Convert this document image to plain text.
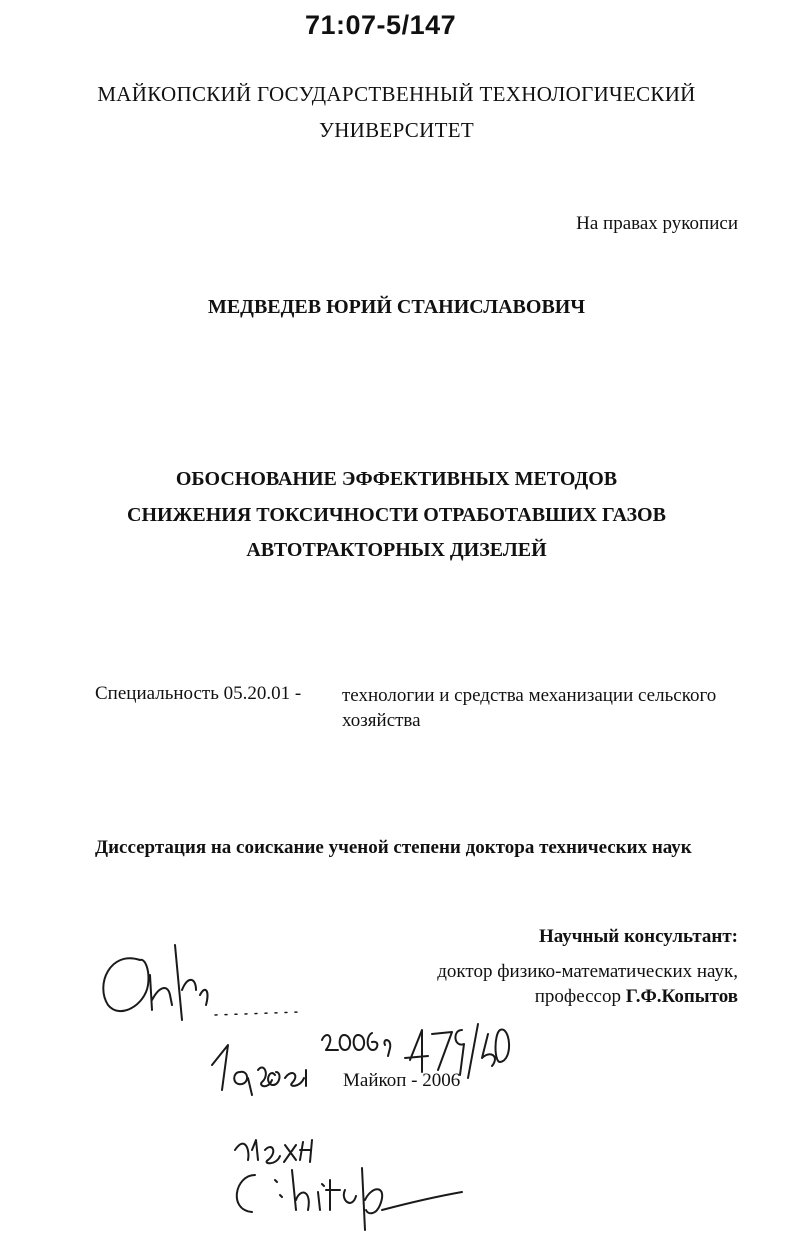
71:07-5/147
МАЙКОПСКИЙ ГОСУДАРСТВЕННЫЙ ТЕХНОЛОГИЧЕСКИЙ
УНИВЕРСИТЕТ
На правах рукописи
МЕДВЕДЕВ ЮРИЙ СТАНИСЛАВОВИЧ
ОБОСНОВАНИЕ ЭФФЕКТИВНЫХ МЕТОДОВ
СНИЖЕНИЯ ТОКСИЧНОСТИ ОТРАБОТАВШИХ ГАЗОВ
АВТОТРАКТОРНЫХ ДИЗЕЛЕЙ
Специальность 05.20.01 - технологии и средства механизации сельского хозяйства
Диссертация на соискание ученой степени доктора технических наук
Научный консультант:
доктор физико-математических наук,
профессор Г.Ф.Копытов
Майкоп - 2006
